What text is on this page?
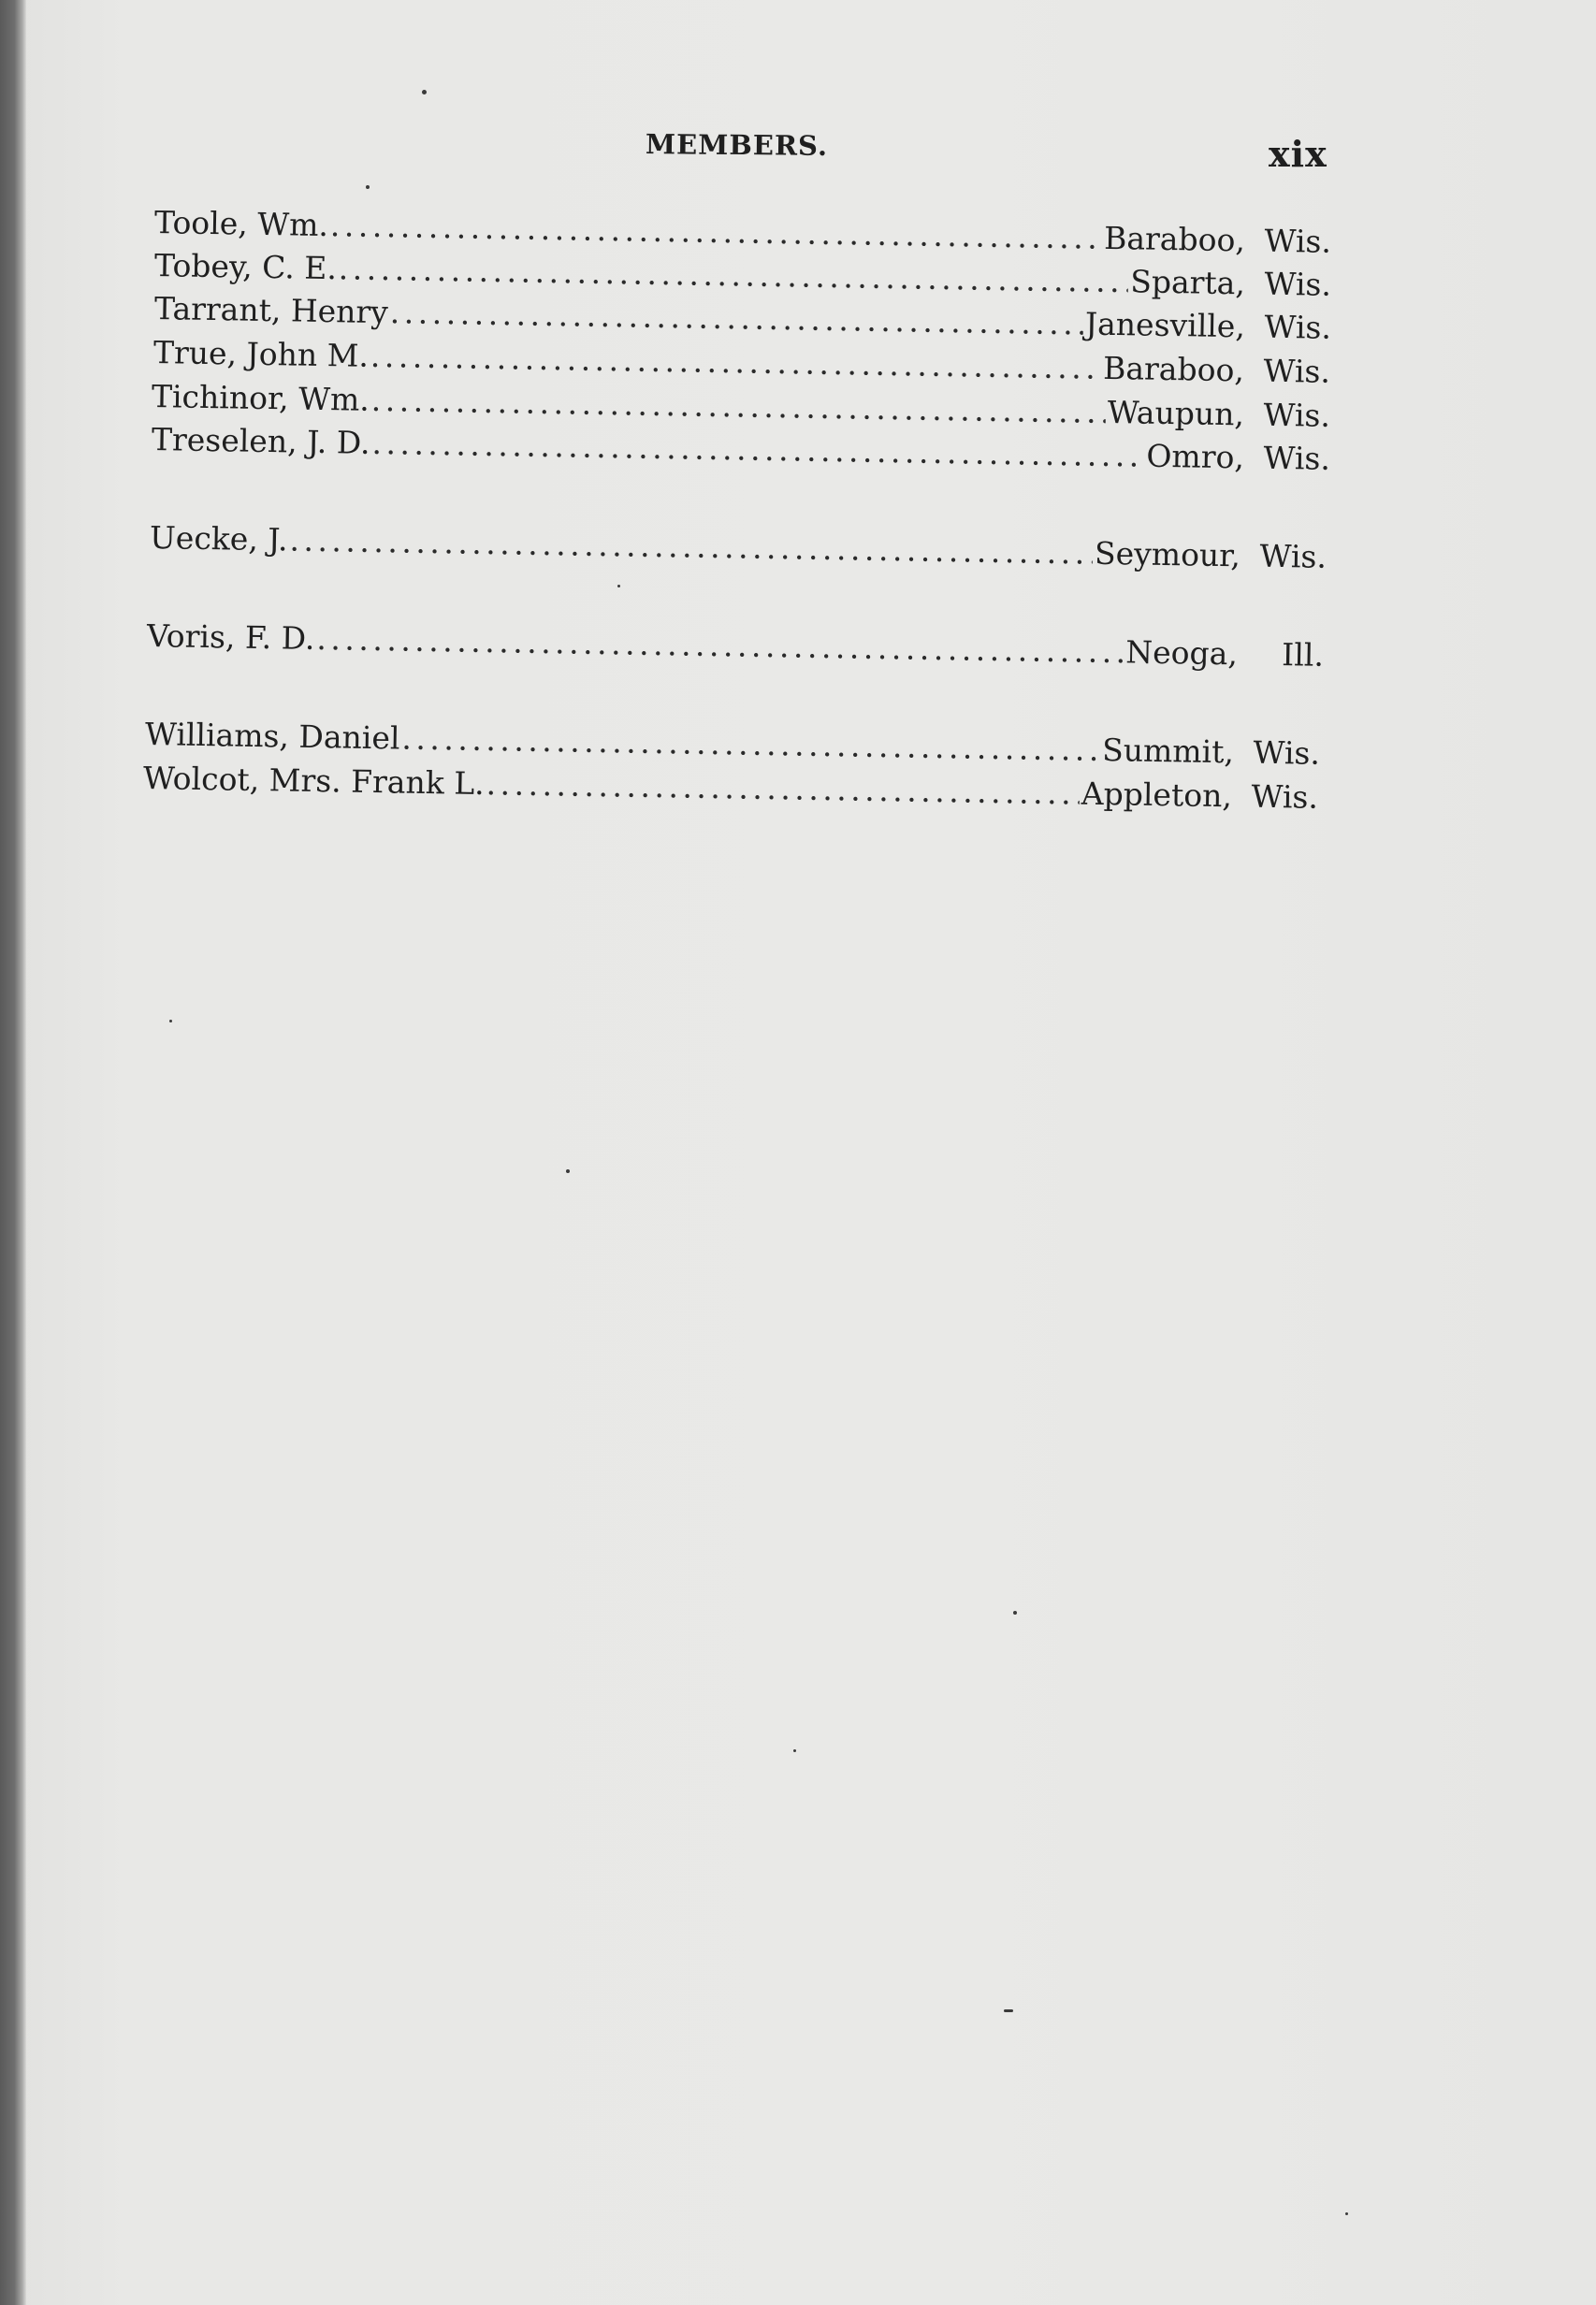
MEMBERS.	xix
Toole, Wm. .....	Baraboo, Wis.
Tobey, C. E. .....	Sparta, Wis.
Tarrant, Henry .....	Janesville, Wis.
True, John M. .....	Baraboo, Wis.
Tichinor, Wm. .....	Waupun, Wis.
Treselen, J. D. .....	Omro, Wis.
Uecke, J. .....	Seymour, Wis.
Voris, F. D. .....	Neoga,	Ill.
Williams, Daniel .....	Summit, Wis.
Wolcot, Mrs. Frank L. .....	Appleton, Wis.
